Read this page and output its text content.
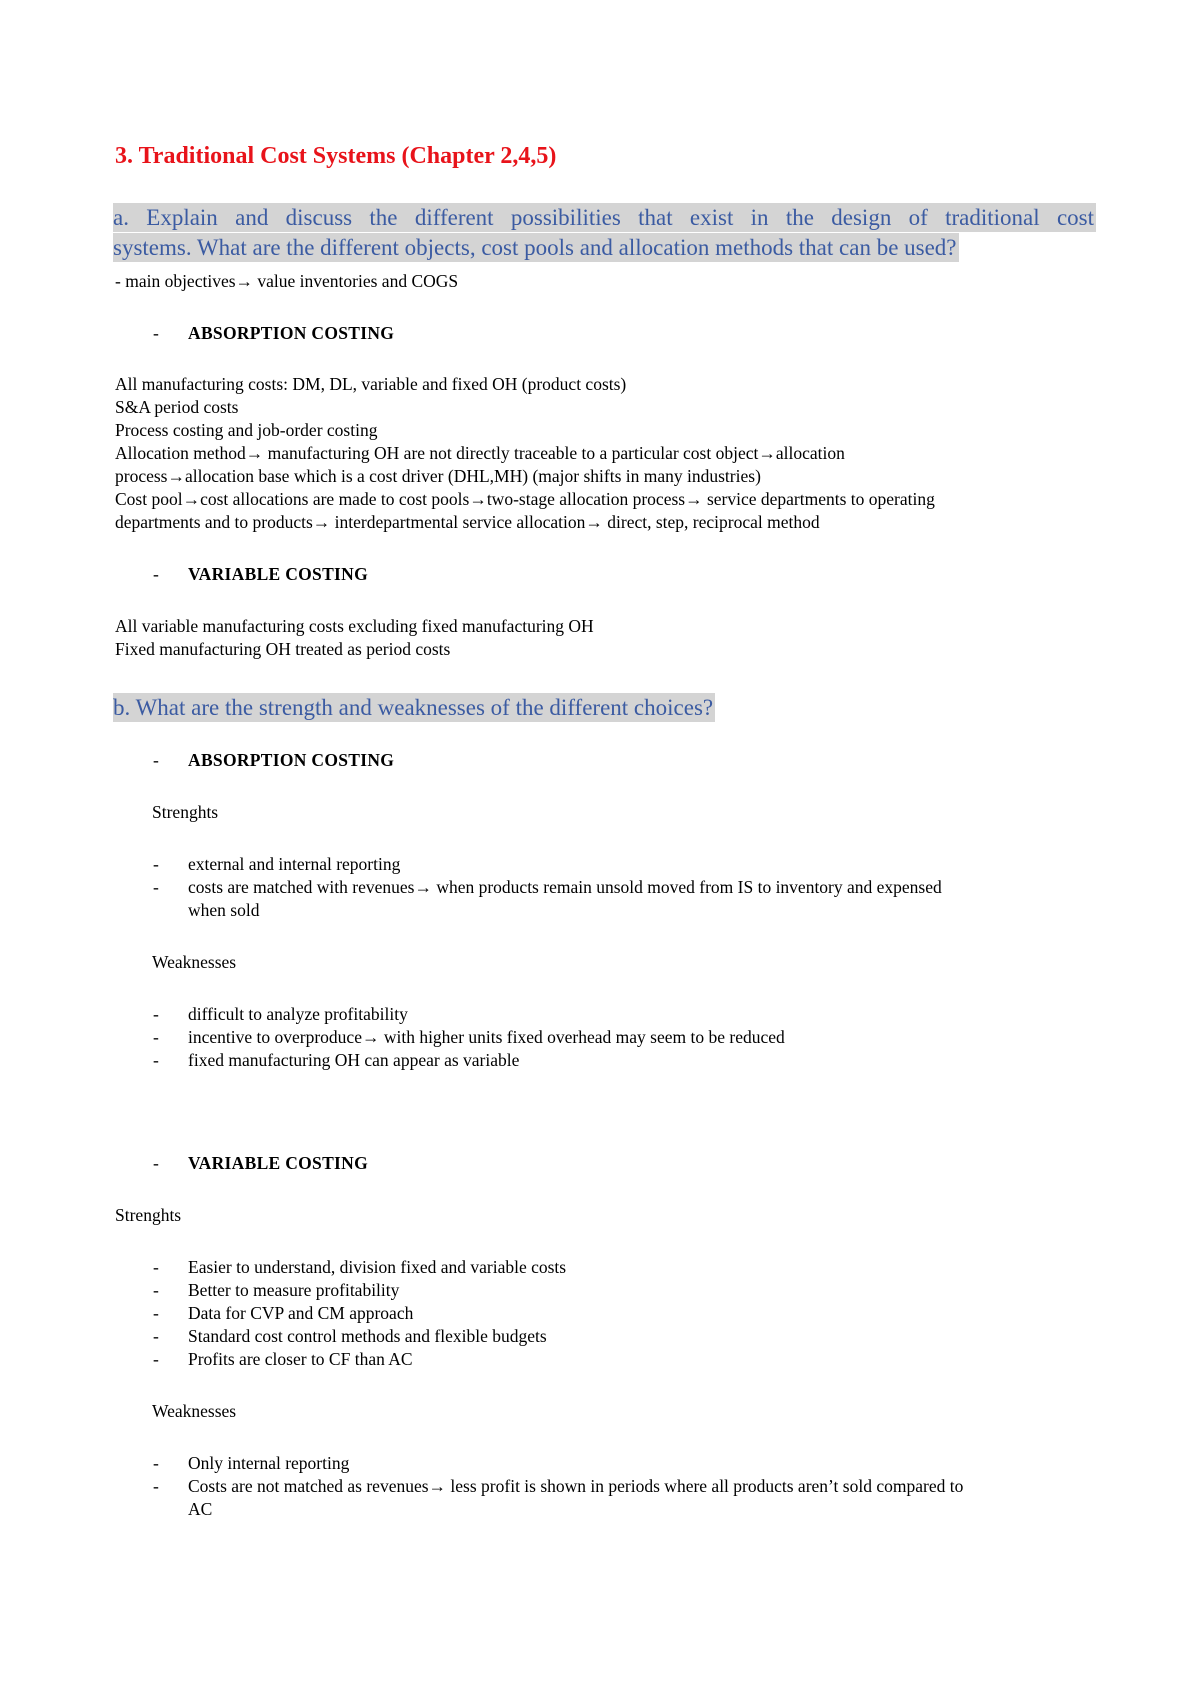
3. Traditional Cost Systems (Chapter 2,4,5)
a. Explain and discuss the different possibilities that exist in the design of traditional cost
systems. What are the different objects, cost pools and allocation methods that can be used?
- main objectives→ value inventories and COGS
- ABSORPTION COSTING
All manufacturing costs: DM, DL, variable and fixed OH (product costs)
S&A period costs
Process costing and job-order costing
Allocation method→ manufacturing OH are not directly traceable to a particular cost object→allocation
process→allocation base which is a cost driver (DHL,MH) (major shifts in many industries)
Cost pool→cost allocations are made to cost pools→two-stage allocation process→ service departments to operating
departments and to products→ interdepartmental service allocation→ direct, step, reciprocal method
- VARIABLE COSTING
All variable manufacturing costs excluding fixed manufacturing OH
Fixed manufacturing OH treated as period costs
b. What are the strength and weaknesses of the different choices?
- ABSORPTION COSTING
Strenghts
- external and internal reporting
- costs are matched with revenues→ when products remain unsold moved from IS to inventory and expensed
when sold
Weaknesses
- difficult to analyze profitability
- incentive to overproduce→ with higher units fixed overhead may seem to be reduced
- fixed manufacturing OH can appear as variable
- VARIABLE COSTING
Strenghts
- Easier to understand, division fixed and variable costs
- Better to measure profitability
- Data for CVP and CM approach
- Standard cost control methods and flexible budgets
- Profits are closer to CF than AC
Weaknesses
- Only internal reporting
- Costs are not matched as revenues→ less profit is shown in periods where all products aren’t sold compared to
AC
